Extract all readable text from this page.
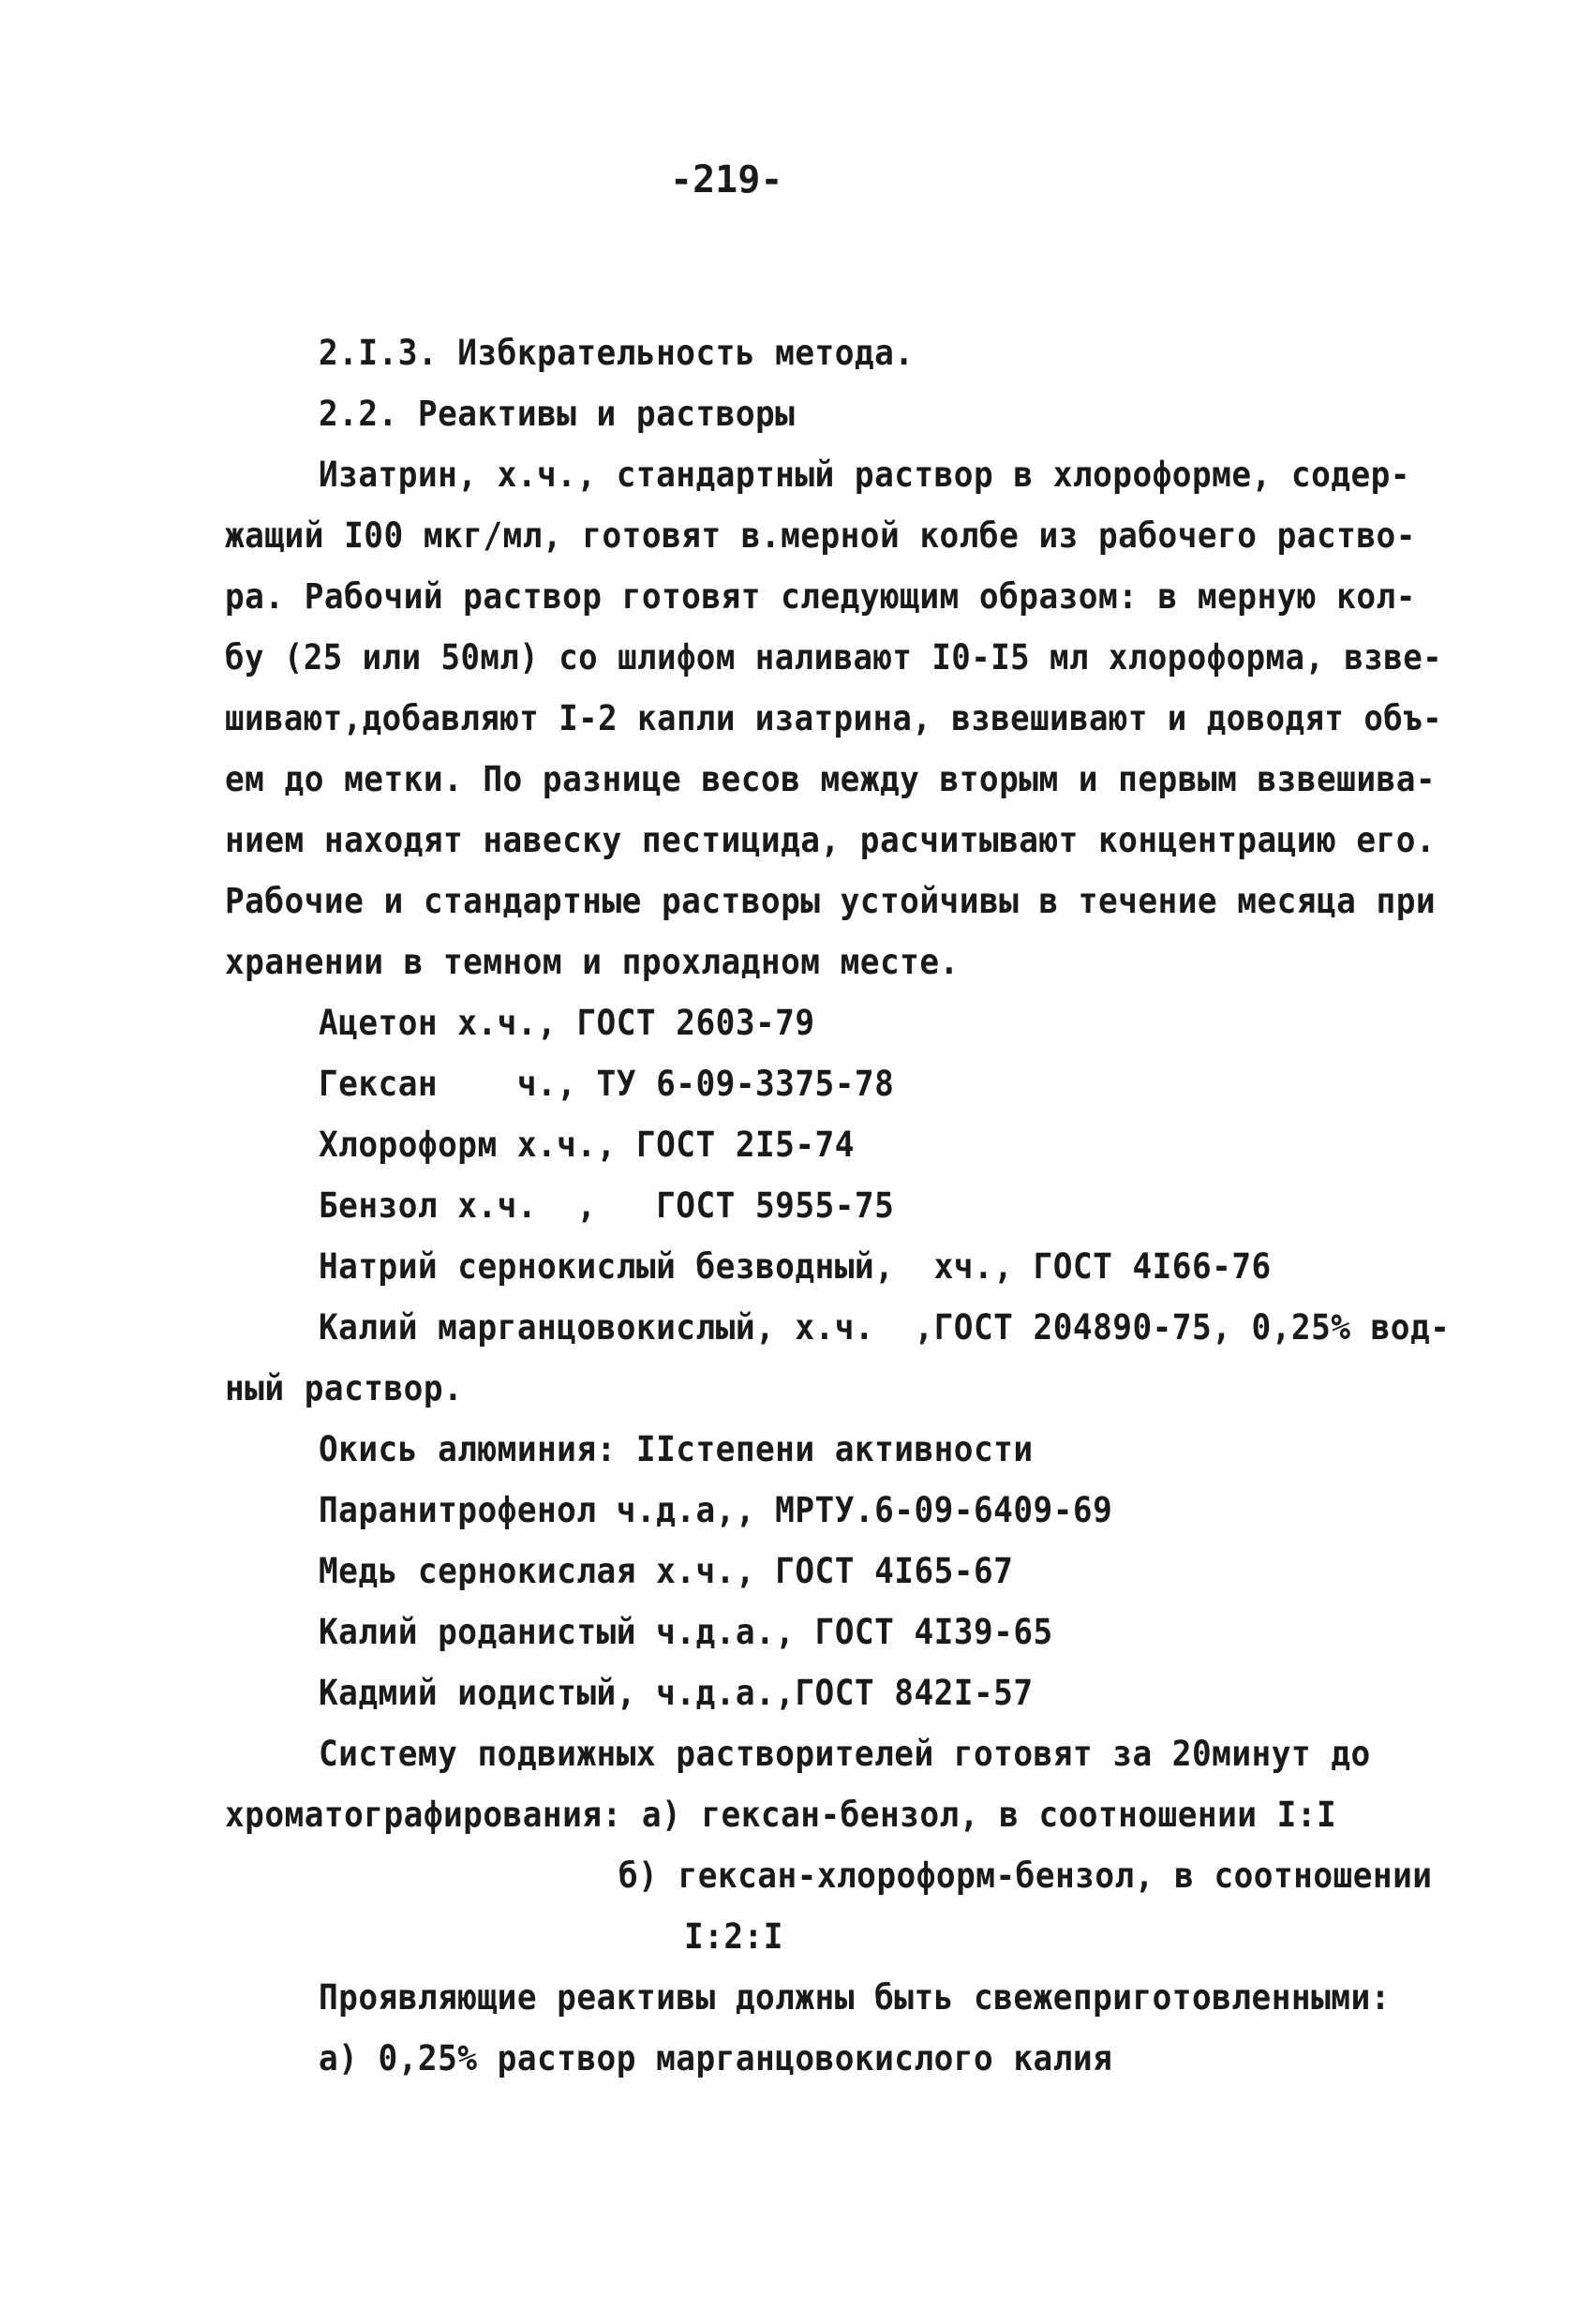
-219-
2.I.3. Избкрательность метода.
2.2. Реактивы и растворы
Изатрин, х.ч., стандартный раствор в хлороформе, содер-
жащий I00 мкг/мл, готовят в.мерной колбе из рабочего раство-
ра. Рабочий раствор готовят следующим образом: в мерную кол-
бу (25 или 50мл) со шлифом наливают I0-I5 мл хлороформа, взве-
шивают,добавляют I-2 капли изатрина, взвешивают и доводят объ-
ем до метки. По разнице весов между вторым и первым взвешива-
нием находят навеску пестицида, расчитывают концентрацию его.
Рабочие и стандартные растворы устойчивы в течение месяца при
хранении в темном и прохладном месте.
Ацетон х.ч., ГОСТ 2603-79
Гексан    ч., ТУ 6-09-3375-78
Хлороформ х.ч., ГОСТ 2I5-74
Бензол х.ч.  ,   ГОСТ 5955-75
Натрий сернокислый безводный,  хч., ГОСТ 4I66-76
Калий марганцовокислый, х.ч.  ,ГОСТ 204890-75, 0,25% вод-
ный раствор.
Окись алюминия: IIстепени активности
Паранитрофенол ч.д.а,, МРТУ.6-09-6409-69
Медь сернокислая х.ч., ГОСТ 4I65-67
Калий роданистый ч.д.а., ГОСТ 4I39-65
Кадмий иодистый, ч.д.а.,ГОСТ 842I-57
Систему подвижных растворителей готовят за 20минут до
хроматографирования: а) гексан-бензол, в соотношении I:I
б) гексан-хлороформ-бензол, в соотношении
I:2:I
Проявляющие реактивы должны быть свежеприготовленными:
а) 0,25% раствор марганцовокислого калия
